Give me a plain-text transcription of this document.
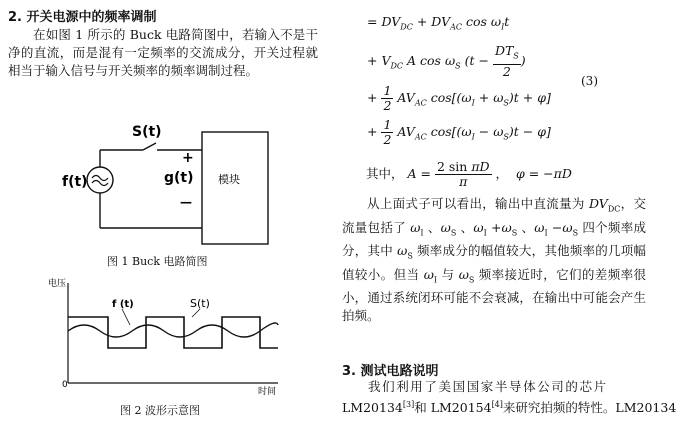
2. 开关电源中的频率调制
在如图 1 所示的 Buck 电路简图中，若输入不是干净的直流，而是混有一定频率的交流成分，开关过程就相当于输入信号与开关频率的频率调制过程。
S(t)
f(t)	g(t)
+
—
模块
图 1 Buck 电路简图
电压
时间
0
f (t)	S(t)
图 2 波形示意图
= $DV_{DC} + DV_{AC}$ $\cos \omega_It$
+ $V_{DC}$ A $\cos \omega_S$ ($t - \frac{DT_S}{2}$ )
+ $\frac{1}{2} AV_{AC}$ $\cos[(\omega_I + \omega_S)t + \varphi]$
+ $\frac{1}{2} AV_{AC}$ $\cos[(\omega_I - \omega_S)t - \varphi]$
(3)
其中， $A = \frac{\text{2 sin πD}}{\pi}$ ，  φ = −πD
从上面式子可以看出，输出中直流量为 $DV_{DC}$，交流量包括了 $\omega_I$ 、$\omega_S$ 、$\omega_I +\omega_S$ 、$\omega_I -\omega_S$ 四个频率成分，其中 $\omega_S$ 频率成分的幅值较大，其他频率的几项幅值较小。但当 $\omega_I$ 与 $\omega_S$ 频率接近时，它们的差频率很小，通过系统闭环可能不会衰减，在输出中可能会产生拍频。
3. 测试电路说明
我们利用了美国国家半导体公司的芯片
LM20134[3]和 LM20154[4]来研究拍频的特性。LM20134
